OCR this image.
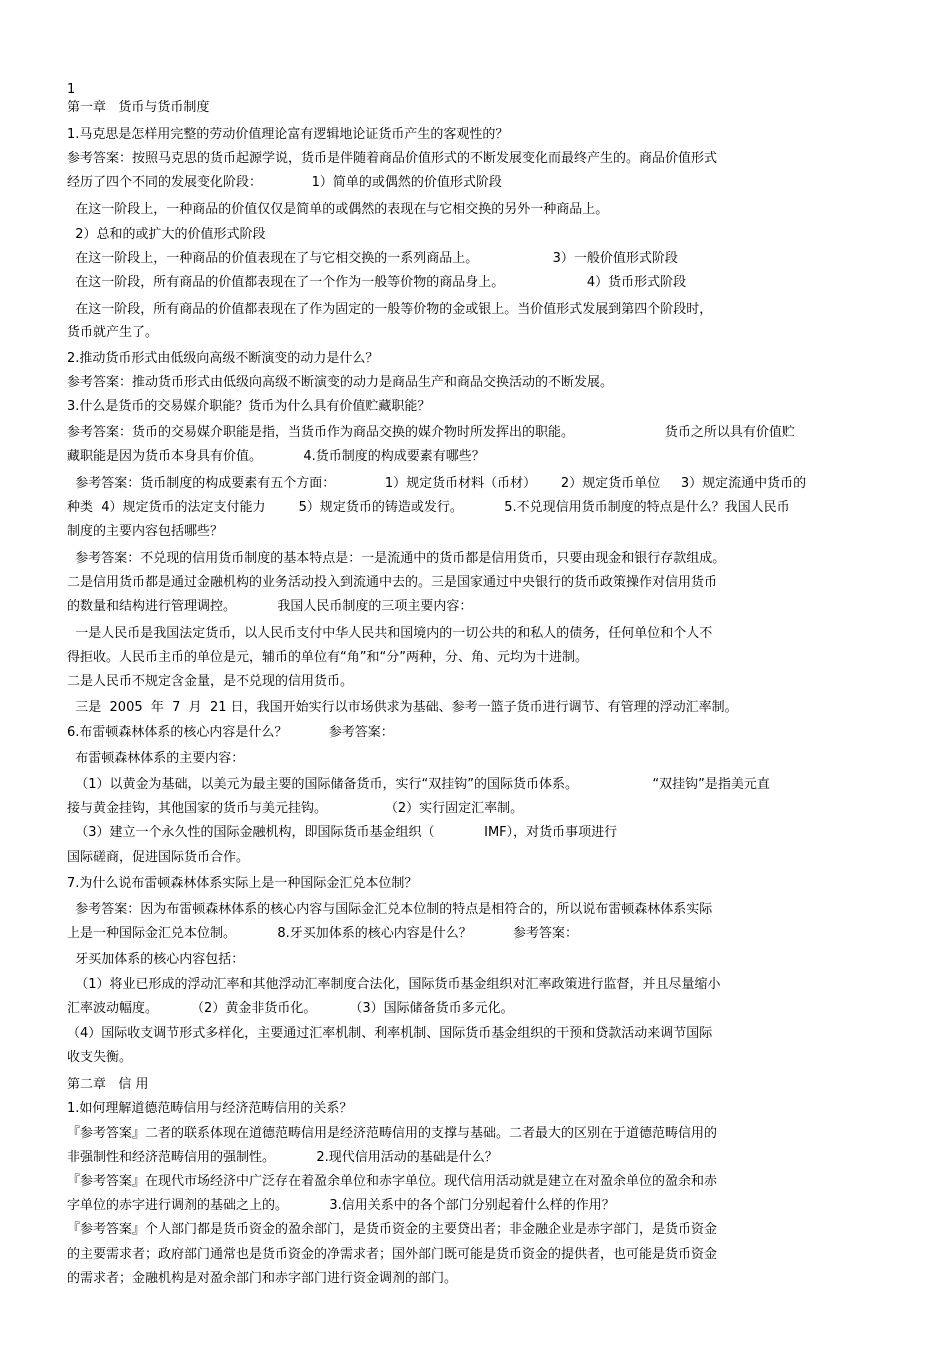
1
第一章   货币与货币制度
1.马克思是怎样用完整的劳动价值理论富有逻辑地论证货币产生的客观性的？
参考答案：按照马克思的货币起源学说，货币是伴随着商品价值形式的不断发展变化而最终产生的。商品价值形式
经历了四个不同的发展变化阶段：            1）简单的或偶然的价值形式阶段
在这一阶段上，一种商品的价值仅仅是简单的或偶然的表现在与它相交换的另外一种商品上。
2）总和的或扩大的价值形式阶段
在这一阶段上，一种商品的价值表现在了与它相交换的一系列商品上。                  3）一般价值形式阶段
在这一阶段，所有商品的价值都表现在了一个作为一般等价物的商品身上。                    4）货币形式阶段
在这一阶段，所有商品的价值都表现在了作为固定的一般等价物的金或银上。当价值形式发展到第四个阶段时，
货币就产生了。
2.推动货币形式由低级向高级不断演变的动力是什么？
参考答案：推动货币形式由低级向高级不断演变的动力是商品生产和商品交换活动的不断发展。
3.什么是货币的交易媒介职能？货币为什么具有价值贮藏职能？
参考答案：货币的交易媒介职能是指，当货币作为商品交换的媒介物时所发挥出的职能。                      货币之所以具有价值贮
藏职能是因为货币本身具有价值。          4.货币制度的构成要素有哪些？
参考答案：货币制度的构成要素有五个方面：            1）规定货币材料（币材）      2）规定货币单位     3）规定流通中货币的
种类  4）规定货币的法定支付能力        5）规定货币的铸造或发行。          5.不兑现信用货币制度的特点是什么？我国人民币
制度的主要内容包括哪些？
参考答案：不兑现的信用货币制度的基本特点是：一是流通中的货币都是信用货币，只要由现金和银行存款组成。
二是信用货币都是通过金融机构的业务活动投入到流通中去的。三是国家通过中央银行的货币政策操作对信用货币
的数量和结构进行管理调控。          我国人民币制度的三项主要内容：
一是人民币是我国法定货币，以人民币支付中华人民共和国境内的一切公共的和私人的债务，任何单位和个人不
得拒收。人民币主币的单位是元，辅币的单位有“角”和“分”两种，分、角、元均为十进制。
二是人民币不规定含金量，是不兑现的信用货币。
三是  2005  年  7  月  21 日，我国开始实行以市场供求为基础、参考一篮子货币进行调节、有管理的浮动汇率制。
6.布雷顿森林体系的核心内容是什么？          参考答案：
布雷顿森林体系的主要内容：
（1）以黄金为基础，以美元为最主要的国际储备货币，实行“双挂钩”的国际货币体系。                  “双挂钩”是指美元直
接与黄金挂钩，其他国家的货币与美元挂钩。              （2）实行固定汇率制。
（3）建立一个永久性的国际金融机构，即国际货币基金组织（            IMF），对货币事项进行
国际磋商，促进国际货币合作。
7.为什么说布雷顿森林体系实际上是一种国际金汇兑本位制？
参考答案：因为布雷顿森林体系的核心内容与国际金汇兑本位制的特点是相符合的，所以说布雷顿森林体系实际
上是一种国际金汇兑本位制。          8.牙买加体系的核心内容是什么？          参考答案：
牙买加体系的核心内容包括：
（1）将业已形成的浮动汇率和其他浮动汇率制度合法化，国际货币基金组织对汇率政策进行监督，并且尽量缩小
汇率波动幅度。        （2）黄金非货币化。        （3）国际储备货币多元化。
（4）国际收支调节形式多样化，主要通过汇率机制、利率机制、国际货币基金组织的干预和贷款活动来调节国际
收支失衡。
第二章   信 用
1.如何理解道德范畴信用与经济范畴信用的关系？
『参考答案』二者的联系体现在道德范畴信用是经济范畴信用的支撑与基础。二者最大的区别在于道德范畴信用的
非强制性和经济范畴信用的强制性。          2.现代信用活动的基础是什么？
『参考答案』在现代市场经济中广泛存在着盈余单位和赤字单位。现代信用活动就是建立在对盈余单位的盈余和赤
字单位的赤字进行调剂的基础之上的。          3.信用关系中的各个部门分别起着什么样的作用？
『参考答案』个人部门都是货币资金的盈余部门，是货币资金的主要贷出者；非金融企业是赤字部门，是货币资金
的主要需求者；政府部门通常也是货币资金的净需求者；国外部门既可能是货币资金的提供者，也可能是货币资金
的需求者；金融机构是对盈余部门和赤字部门进行资金调剂的部门。
